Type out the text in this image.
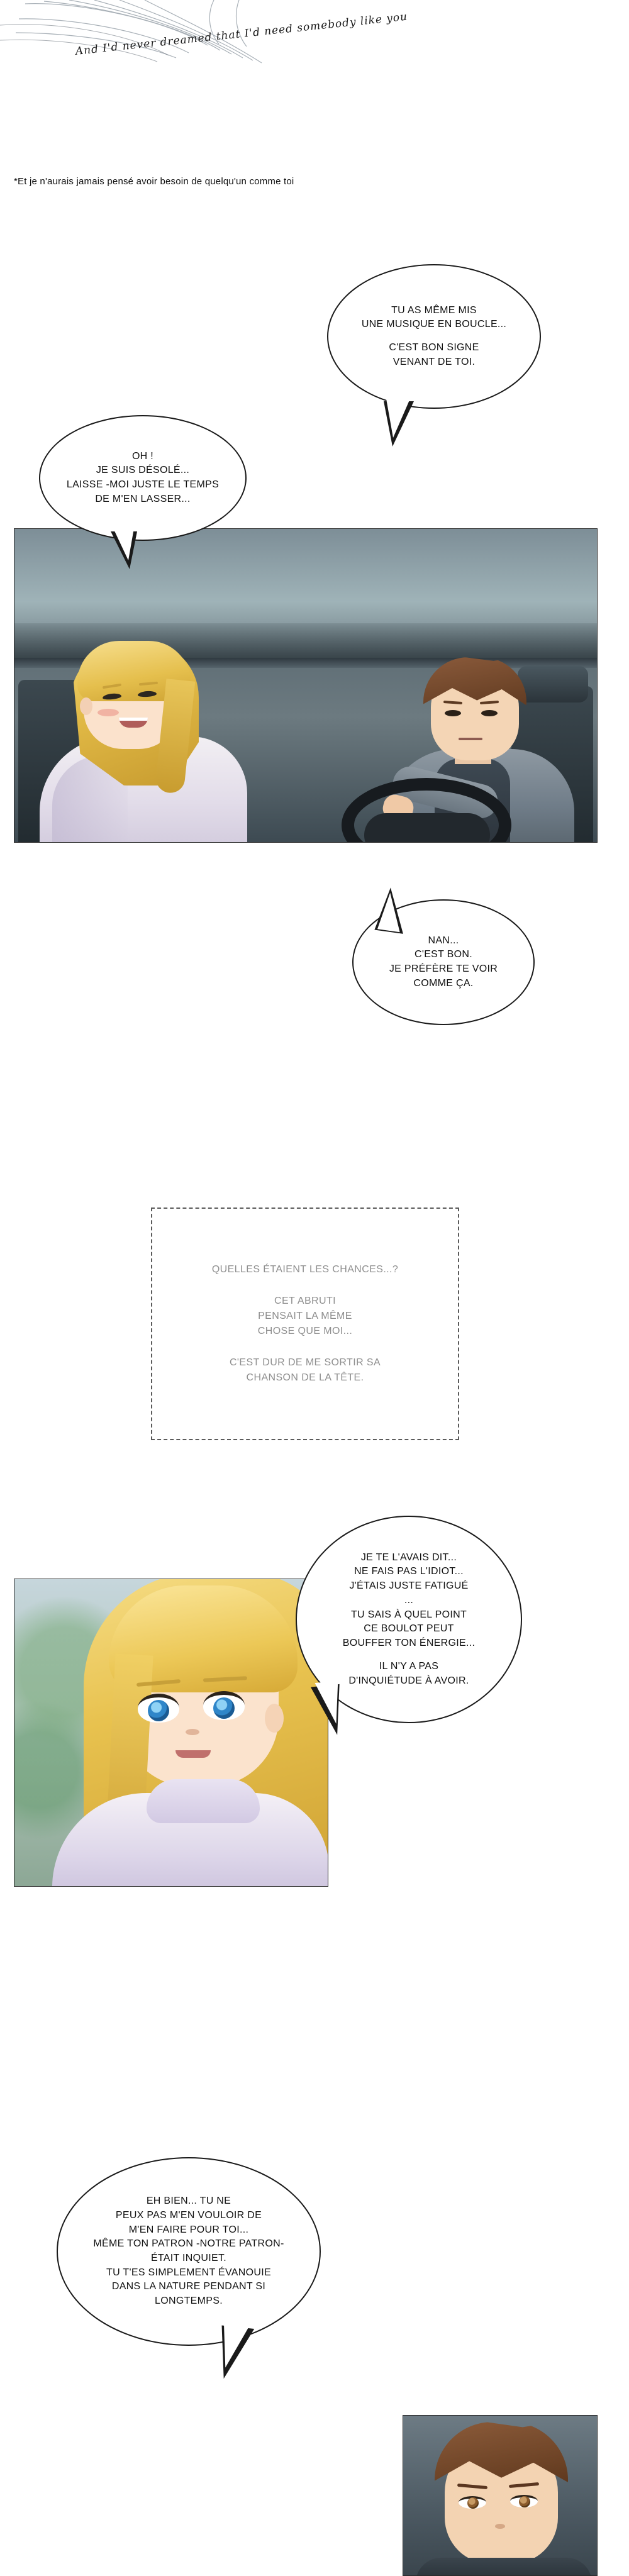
And I'd never dreamed that I'd need somebody like you
*Et je n'aurais jamais pensé avoir besoin de quelqu'un comme toi

TU AS MÊME MIS
UNE MUSIQUE EN BOUCLE...

C'EST BON SIGNE
VENANT DE TOI.

OH !
JE SUIS DÉSOLÉ...
LAISSE -MOI JUSTE LE TEMPS
DE M'EN LASSER...

NAN...
C'EST BON.
JE PRÉFÈRE TE VOIR
COMME ÇA.

QUELLES ÉTAIENT LES CHANCES...?

CET ABRUTI
PENSAIT LA MÊME
CHOSE QUE MOI...

C'EST DUR DE ME SORTIR SA
CHANSON DE LA TÊTE.

JE TE L'AVAIS DIT...
NE FAIS PAS L'IDIOT...
J'ÉTAIS JUSTE FATIGUÉ
...
TU SAIS À QUEL POINT
CE BOULOT PEUT
BOUFFER TON ÉNERGIE...

IL N'Y A PAS
D'INQUIÉTUDE À AVOIR.

EH BIEN... TU NE
PEUX PAS M'EN VOULOIR DE
M'EN FAIRE POUR TOI...
MÊME TON PATRON -NOTRE PATRON-
ÉTAIT INQUIET.
TU T'ES SIMPLEMENT ÉVANOUIE
DANS LA NATURE PENDANT SI
LONGTEMPS.
